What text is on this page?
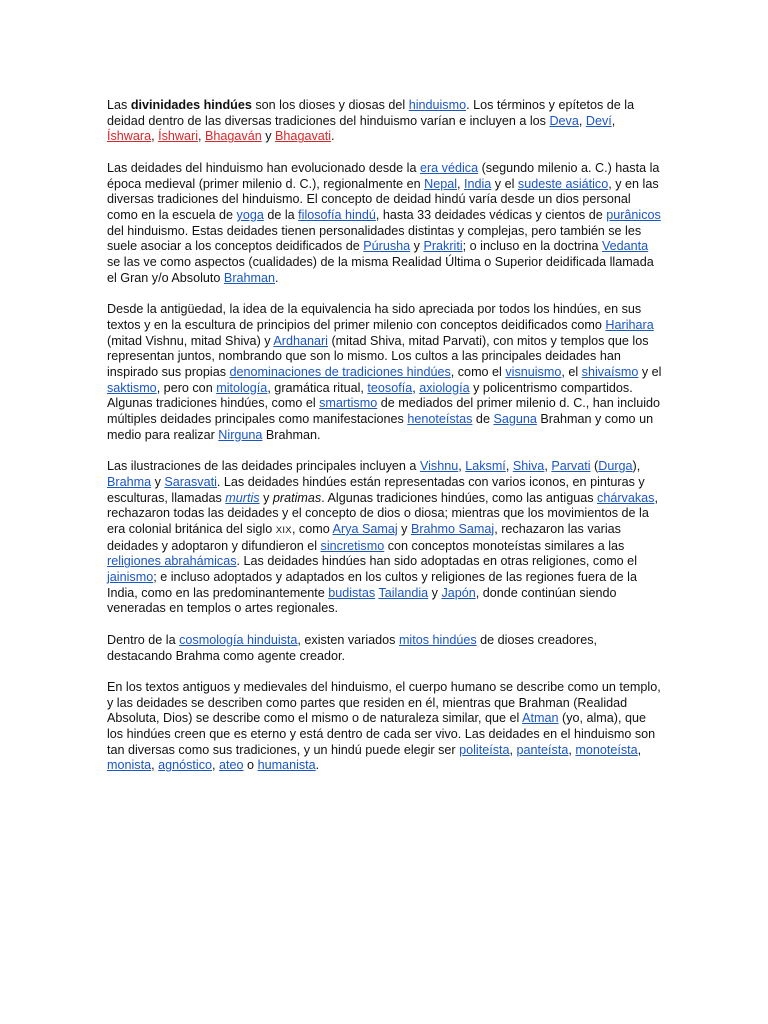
Las divinidades hindúes son los dioses y diosas del hinduismo. Los términos y epítetos de la deidad dentro de las diversas tradiciones del hinduismo varían e incluyen a los Deva, Deví, Íshwara, Íshwari, Bhagaván y Bhagavati.

Las deidades del hinduismo han evolucionado desde la era védica (segundo milenio a. C.) hasta la época medieval (primer milenio d. C.), regionalmente en Nepal, India y el sudeste asiático, y en las diversas tradiciones del hinduismo. El concepto de deidad hindú varía desde un dios personal como en la escuela de yoga de la filosofía hindú, hasta 33 deidades védicas y cientos de purânicos del hinduismo. Estas deidades tienen personalidades distintas y complejas, pero también se les suele asociar a los conceptos deidificados de Púrusha y Prakriti; o incluso en la doctrina Vedanta se las ve como aspectos (cualidades) de la misma Realidad Última o Superior deidificada llamada el Gran y/o Absoluto Brahman.

Desde la antigüedad, la idea de la equivalencia ha sido apreciada por todos los hindúes, en sus textos y en la escultura de principios del primer milenio con conceptos deidificados como Harihara (mitad Vishnu, mitad Shiva) y Ardhanari (mitad Shiva, mitad Parvati), con mitos y templos que los representan juntos, nombrando que son lo mismo. Los cultos a las principales deidades han inspirado sus propias denominaciones de tradiciones hindúes, como el visnuismo, el shivaísmo y el saktismo, pero con mitología, gramática ritual, teosofía, axiología y policentrismo compartidos. Algunas tradiciones hindúes, como el smartismo de mediados del primer milenio d. C., han incluido múltiples deidades principales como manifestaciones henoteístas de Saguna Brahman y como un medio para realizar Nirguna Brahman.

Las ilustraciones de las deidades principales incluyen a Vishnu, Laksmí, Shiva, Parvati (Durga), Brahma y Sarasvati. Las deidades hindúes están representadas con varios iconos, en pinturas y esculturas, llamadas murtis y pratimas. Algunas tradiciones hindúes, como las antiguas chárvakas, rechazaron todas las deidades y el concepto de dios o diosa; mientras que los movimientos de la era colonial británica del siglo XIX, como Arya Samaj y Brahmo Samaj, rechazaron las varias deidades y adoptaron y difundieron el sincretismo con conceptos monoteístas similares a las religiones abrahámicas. Las deidades hindúes han sido adoptadas en otras religiones, como el jainismo; e incluso adoptados y adaptados en los cultos y religiones de las regiones fuera de la India, como en las predominantemente budistas Tailandia y Japón, donde continúan siendo veneradas en templos o artes regionales.

Dentro de la cosmología hinduista, existen variados mitos hindúes de dioses creadores, destacando Brahma como agente creador.

En los textos antiguos y medievales del hinduismo, el cuerpo humano se describe como un templo, y las deidades se describen como partes que residen en él, mientras que Brahman (Realidad Absoluta, Dios) se describe como el mismo o de naturaleza similar, que el Atman (yo, alma), que los hindúes creen que es eterno y está dentro de cada ser vivo. Las deidades en el hinduismo son tan diversas como sus tradiciones, y un hindú puede elegir ser politeísta, panteísta, monoteísta, monista, agnóstico, ateo o humanista.
